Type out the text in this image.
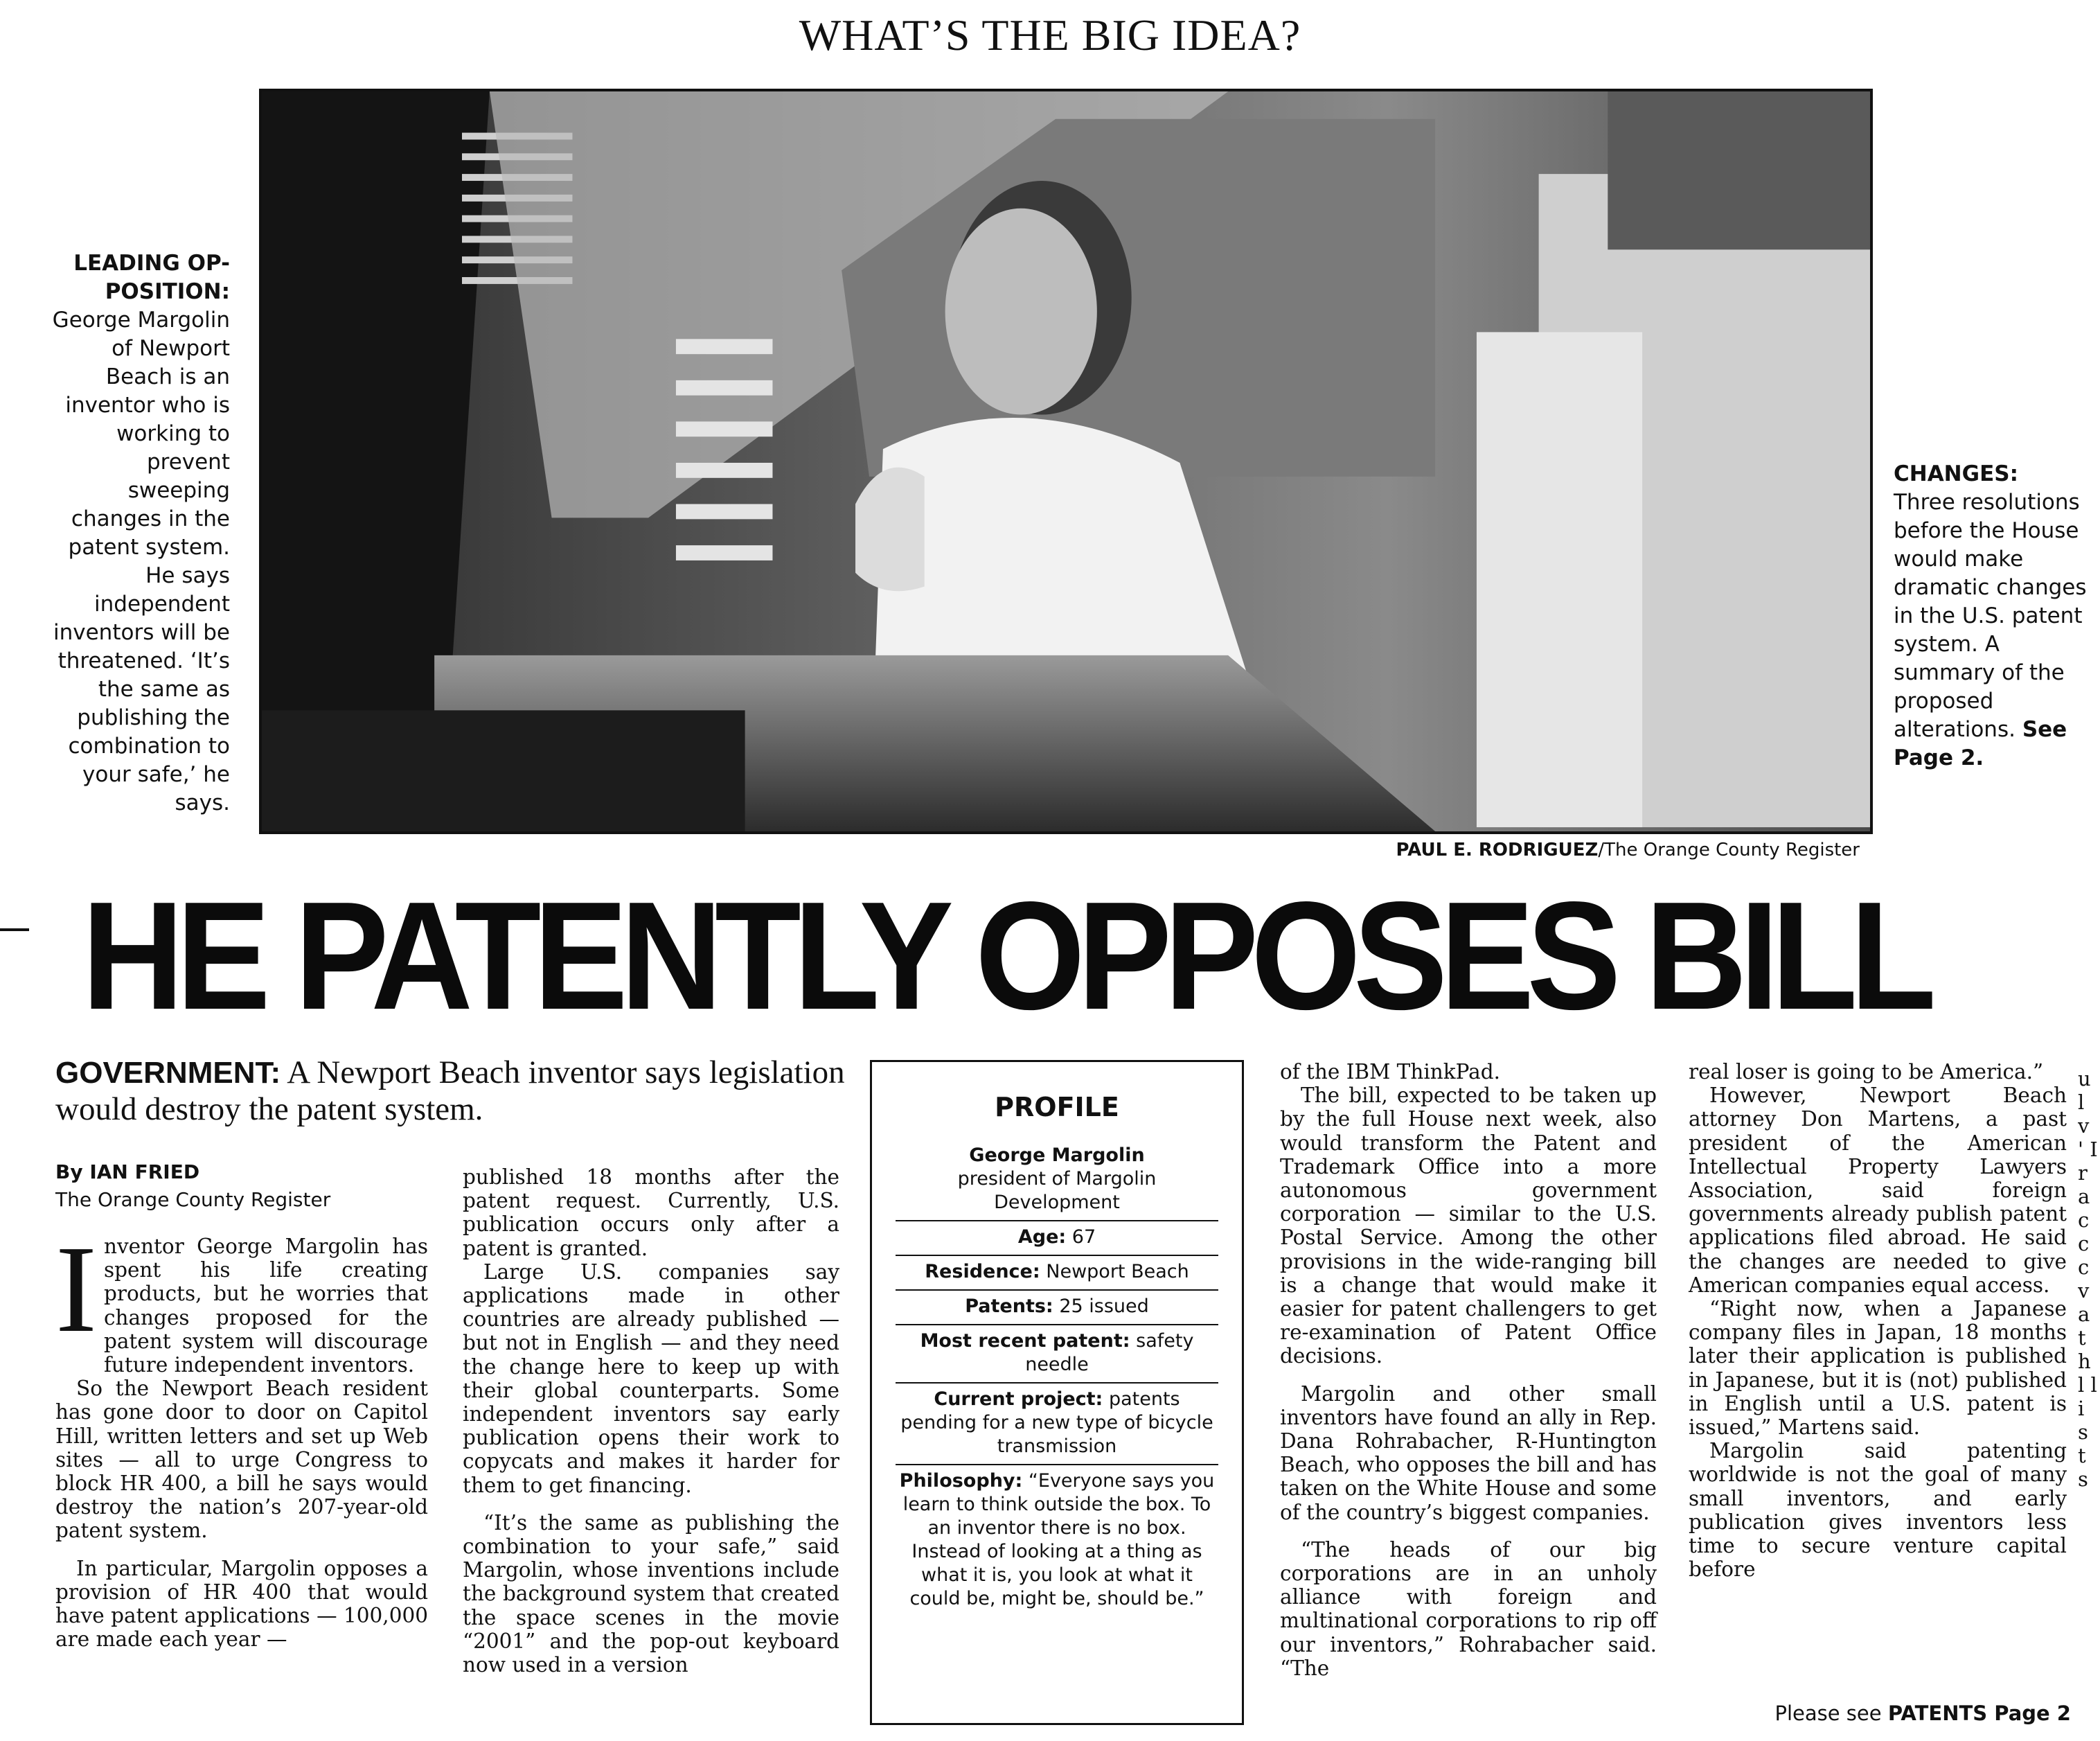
WHAT’S THE BIG IDEA?
LEADING OP-POSITION: George Margolin of Newport Beach is an inventor who is working to prevent sweeping changes in the patent system. He says independent inventors will be threatened. ‘It’s the same as publishing the combination to your safe,’ he says.
CHANGES:
Three resolutions before the House would make dramatic changes in the U.S. patent system. A summary of the proposed alterations. See Page 2.
PAUL E. RODRIGUEZ/The Orange County Register
HE PATENTLY OPPOSES BILL
GOVERNMENT: A Newport Beach inventor says legislation would destroy the patent system.
By IAN FRIED
The Orange County Register
I nventor George Margolin has spent his life creating products, but he worries that changes proposed for the patent system will discourage future independent inventors.

So the Newport Beach resident has gone door to door on Capitol Hill, written letters and set up Web sites — all to urge Congress to block HR 400, a bill he says would destroy the nation’s 207-year-old patent system.

In particular, Margolin opposes a provision of HR 400 that would have patent applications — 100,000 are made each year —

published 18 months after the patent request. Currently, U.S. publication occurs only after a patent is granted.

Large U.S. companies say applications made in other countries are already published — but not in English — and they need the change here to keep up with their global counterparts. Some independent inventors say early publication opens their work to copycats and makes it harder for them to get financing.

“It’s the same as publishing the combination to your safe,” said Margolin, whose inventions include the background system that created the space scenes in the movie “2001” and the pop-out keyboard now used in a version

PROFILE
George Margolin
president of Margolin Development
Age: 67
Residence: Newport Beach
Patents: 25 issued
Most recent patent: safety needle
Current project: patents pending for a new type of bicycle transmission
Philosophy: “Everyone says you learn to think outside the box. To an inventor there is no box. Instead of looking at a thing as what it is, you look at what it could be, might be, should be.”

of the IBM ThinkPad.

The bill, expected to be taken up by the full House next week, also would transform the Patent and Trademark Office into a more autonomous government corporation — similar to the U.S. Postal Service. Among the other provisions in the wide-ranging bill is a change that would make it easier for patent challengers to get re-examination of Patent Office decisions.

Margolin and other small inventors have found an ally in Rep. Dana Rohrabacher, R-Huntington Beach, who opposes the bill and has taken on the White House and some of the country’s biggest companies.

“The heads of our big corporations are in an unholy alliance with foreign and multinational corporations to rip off our inventors,” Rohrabacher said. “The

real loser is going to be America.”

However, Newport Beach attorney Don Martens, a past president of the American Intellectual Property Lawyers Association, said foreign governments already publish patent applications filed abroad. He said the changes are needed to give American companies equal access.

“Right now, when a Japanese company files in Japan, 18 months later their application is published in Japanese, but it is (not) published in English until a U.S. patent is issued,” Martens said.

Margolin said patenting worldwide is not the goal of many small inventors, and early publication gives inventors less time to secure venture capital before

Please see PATENTS Page 2
u l v ' I r a c c c v a t h l l i s t s
